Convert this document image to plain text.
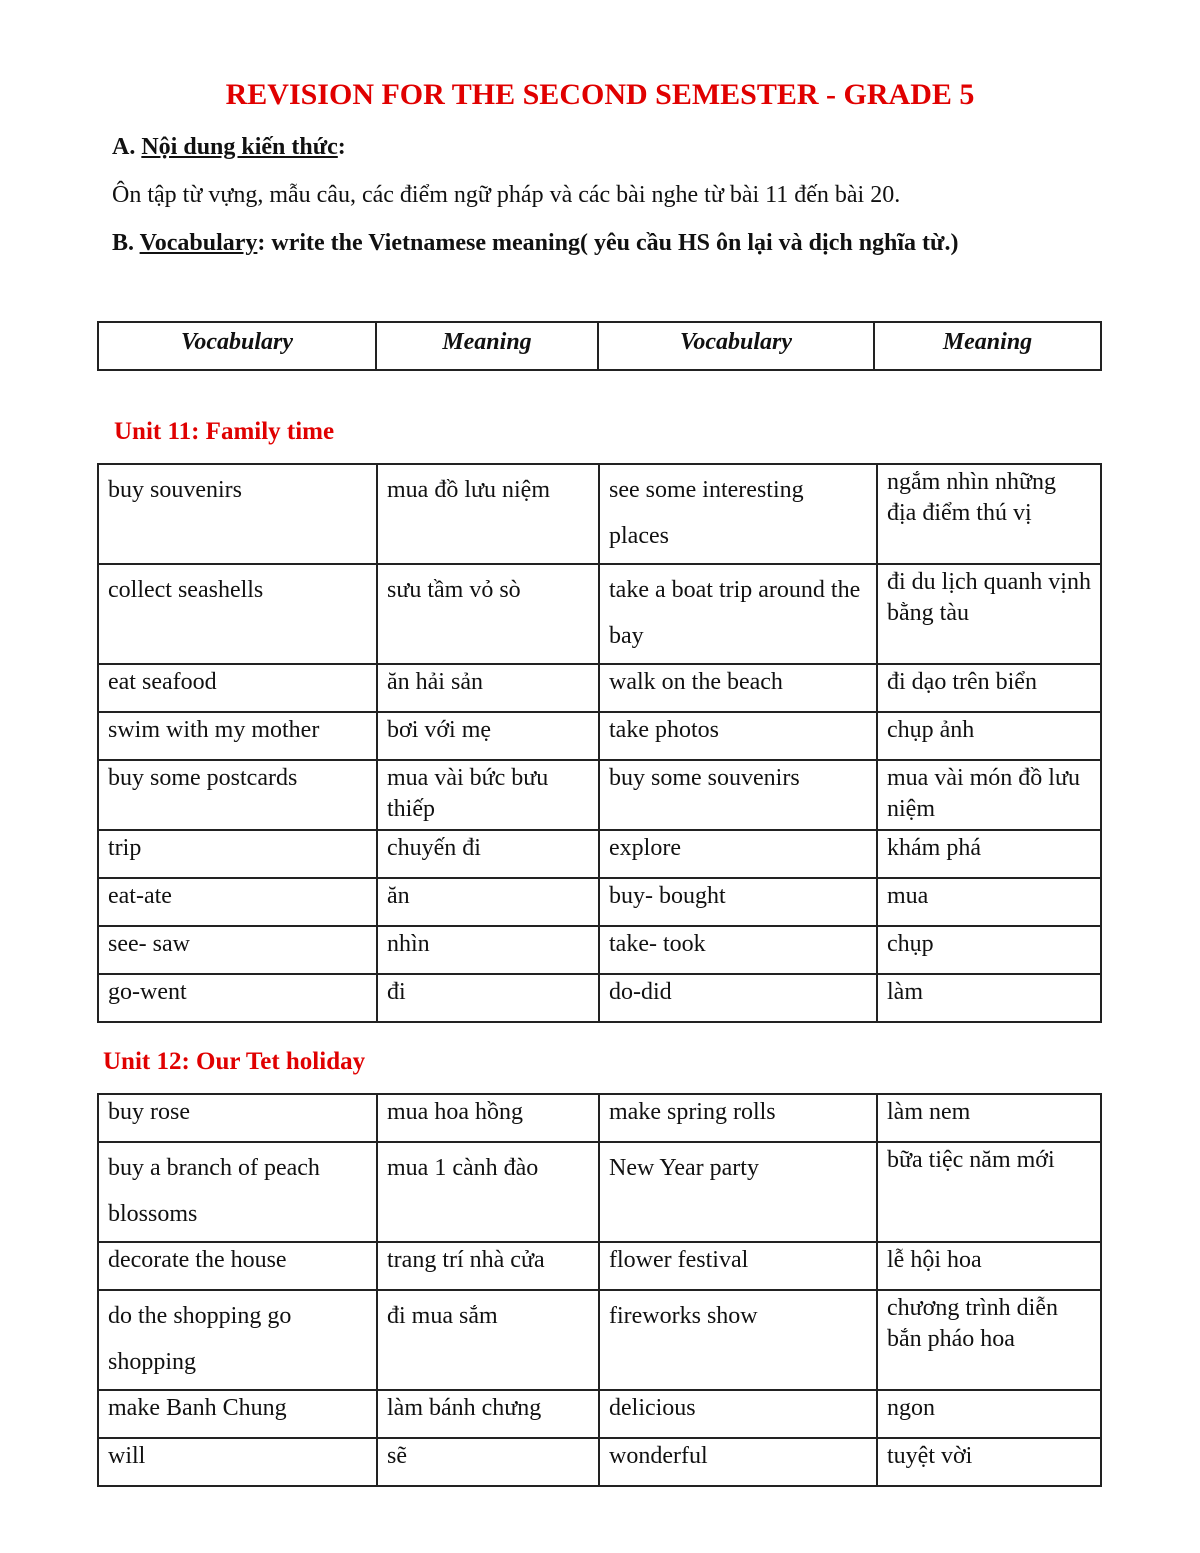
REVISION FOR THE SECOND SEMESTER - GRADE 5
A. Nội dung kiến thức:
Ôn tập từ vựng, mẫu câu, các điểm ngữ pháp và các bài nghe từ bài 11 đến bài 20.
B. Vocabulary: write the Vietnamese meaning( yêu cầu HS ôn lại và dịch nghĩa từ.)
Vocabulary	Meaning	Vocabulary	Meaning
Unit 11: Family time
buy souvenirs	mua đồ lưu niệm	see some interesting places	ngắm nhìn những địa điểm thú vị
collect seashells	sưu tầm vỏ sò	take a boat trip around the bay	đi du lịch quanh vịnh bằng tàu
eat seafood	ăn hải sản	walk on the beach	đi dạo trên biển
swim with my mother	bơi với mẹ	take photos	chụp ảnh
buy some postcards	mua vài bức bưu thiếp	buy some souvenirs	mua vài món đồ lưu niệm
trip	chuyến đi	explore	khám phá
eat-ate	ăn	buy- bought	mua
see- saw	nhìn	take- took	chụp
go-went	đi	do-did	làm
Unit 12: Our Tet holiday
buy rose	mua hoa hồng	make spring rolls	làm nem
buy a branch of peach blossoms	mua 1 cành đào	New Year party	bữa tiệc năm mới
decorate the house	trang trí nhà cửa	flower festival	lễ hội hoa
do the shopping go shopping	đi mua sắm	fireworks show	chương trình diễn bắn pháo hoa
make Banh Chung	làm bánh chưng	delicious	ngon
will	sẽ	wonderful	tuyệt vời
